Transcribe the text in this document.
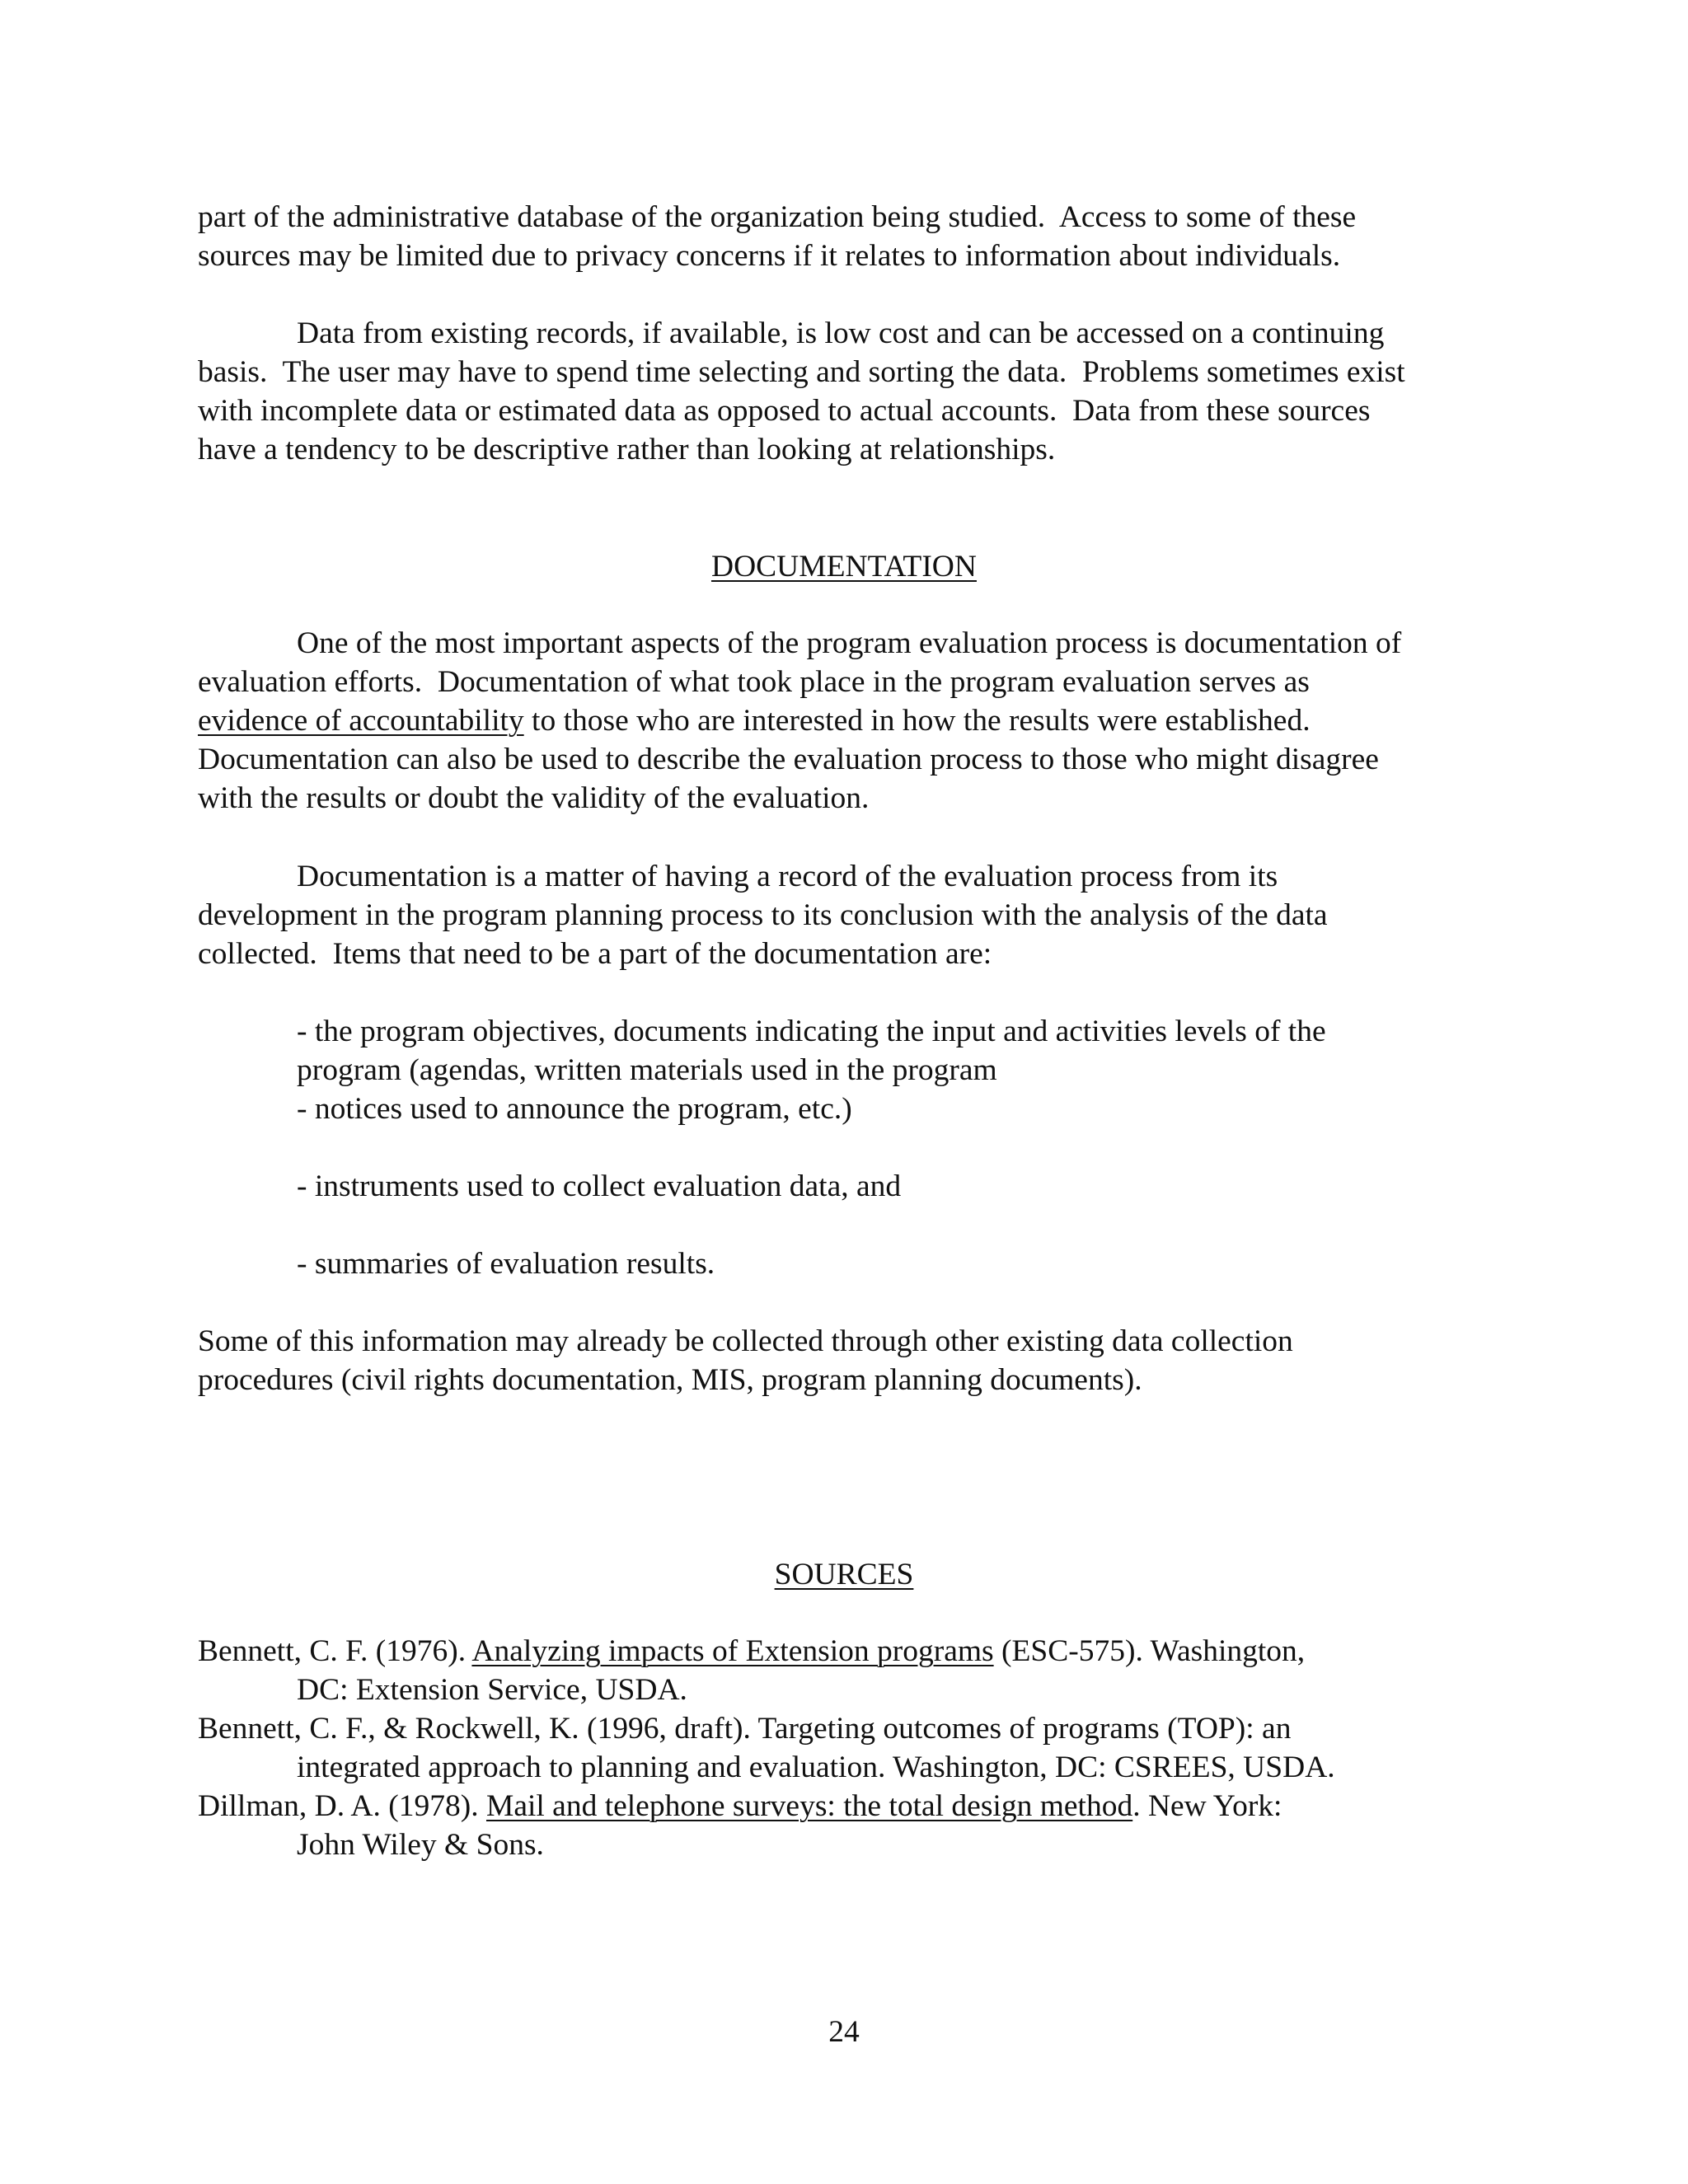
part of the administrative database of the organization being studied.  Access to some of these
sources may be limited due to privacy concerns if it relates to information about individuals.
Data from existing records, if available, is low cost and can be accessed on a continuing
basis.  The user may have to spend time selecting and sorting the data.  Problems sometimes exist
with incomplete data or estimated data as opposed to actual accounts.  Data from these sources
have a tendency to be descriptive rather than looking at relationships.
DOCUMENTATION
One of the most important aspects of the program evaluation process is documentation of
evaluation efforts.  Documentation of what took place in the program evaluation serves as
evidence of accountability to those who are interested in how the results were established.
Documentation can also be used to describe the evaluation process to those who might disagree
with the results or doubt the validity of the evaluation.
Documentation is a matter of having a record of the evaluation process from its
development in the program planning process to its conclusion with the analysis of the data
collected.  Items that need to be a part of the documentation are:
- the program objectives, documents indicating the input and activities levels of the
program (agendas, written materials used in the program
- notices used to announce the program, etc.)
- instruments used to collect evaluation data, and
- summaries of evaluation results.
Some of this information may already be collected through other existing data collection
procedures (civil rights documentation, MIS, program planning documents).
SOURCES
Bennett, C. F. (1976). Analyzing impacts of Extension programs (ESC-575). Washington,
DC: Extension Service, USDA.
Bennett, C. F., & Rockwell, K. (1996, draft). Targeting outcomes of programs (TOP): an
integrated approach to planning and evaluation. Washington, DC: CSREES, USDA.
Dillman, D. A. (1978). Mail and telephone surveys: the total design method. New York:
John Wiley & Sons.
24
